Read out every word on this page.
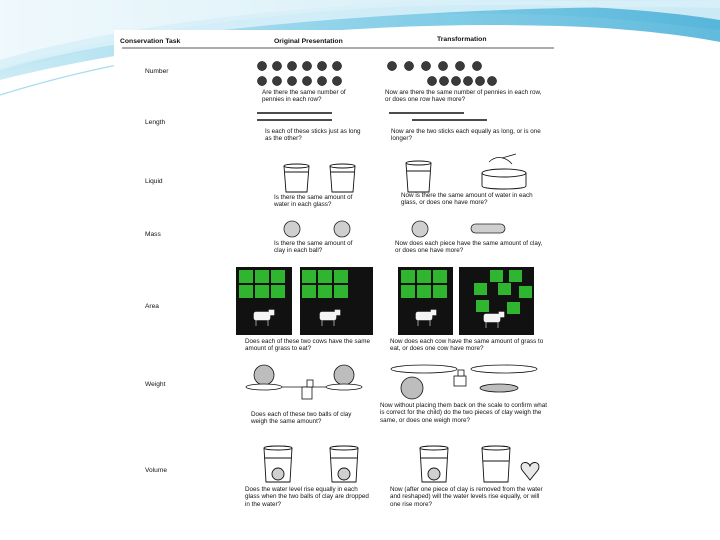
Conservation Task	Original Presentation	Transformation
Number
Length
Liquid
Mass
Area
Weight
Volume
Are there the same number of pennies in each row?
Is each of these sticks just as long as the other?
Is there the same amount of water in each glass?
Is there the same amount of clay in each ball?
Does each of these two cows have the same amount of grass to eat?
Does each of these two balls of clay weigh the same amount?
Does the water level rise equally in each glass when the two balls of clay are dropped in the water?
Now are there the same number of pennies in each row, or does one row have more?
Now are the two sticks each equally as long, or is one longer?
Now is there the same amount of water in each glass, or does one have more?
Now does each piece have the same amount of clay, or does one have more?
Now does each cow have the same amount of grass to eat, or does one cow have more?
Now without placing them back on the scale to confirm what is correct for the child) do the two pieces of clay weigh the same, or does one weigh more?
Now (after one piece of clay is removed from the water and reshaped) will the water levels rise equally, or will one rise more?
